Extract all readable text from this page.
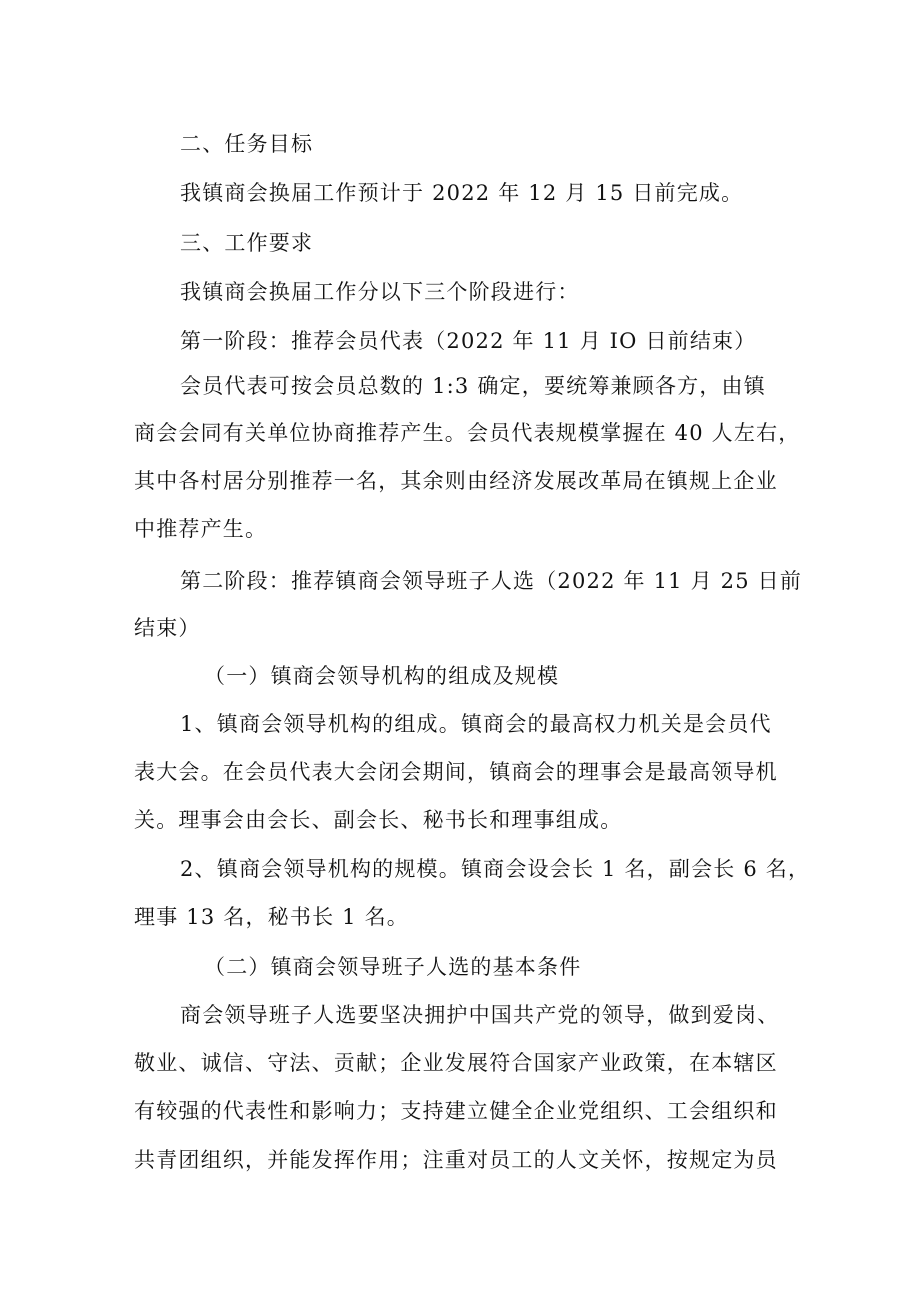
二、任务目标
我镇商会换届工作预计于 2022 年 12 月 15 日前完成。
三、工作要求
我镇商会换届工作分以下三个阶段进行：
第一阶段：推荐会员代表（2022 年 11 月 IO 日前结束）
会员代表可按会员总数的 1:3 确定，要统筹兼顾各方，由镇
商会会同有关单位协商推荐产生。会员代表规模掌握在 40 人左右，
其中各村居分别推荐一名，其余则由经济发展改革局在镇规上企业
中推荐产生。
第二阶段：推荐镇商会领导班子人选（2022 年 11 月 25 日前
结束）
（一）镇商会领导机构的组成及规模
1、镇商会领导机构的组成。镇商会的最高权力机关是会员代
表大会。在会员代表大会闭会期间，镇商会的理事会是最高领导机
关。理事会由会长、副会长、秘书长和理事组成。
2、镇商会领导机构的规模。镇商会设会长 1 名，副会长 6 名，
理事 13 名，秘书长 1 名。
（二）镇商会领导班子人选的基本条件
商会领导班子人选要坚决拥护中国共产党的领导，做到爱岗、
敬业、诚信、守法、贡献；企业发展符合国家产业政策，在本辖区
有较强的代表性和影响力；支持建立健全企业党组织、工会组织和
共青团组织，并能发挥作用；注重对员工的人文关怀，按规定为员
